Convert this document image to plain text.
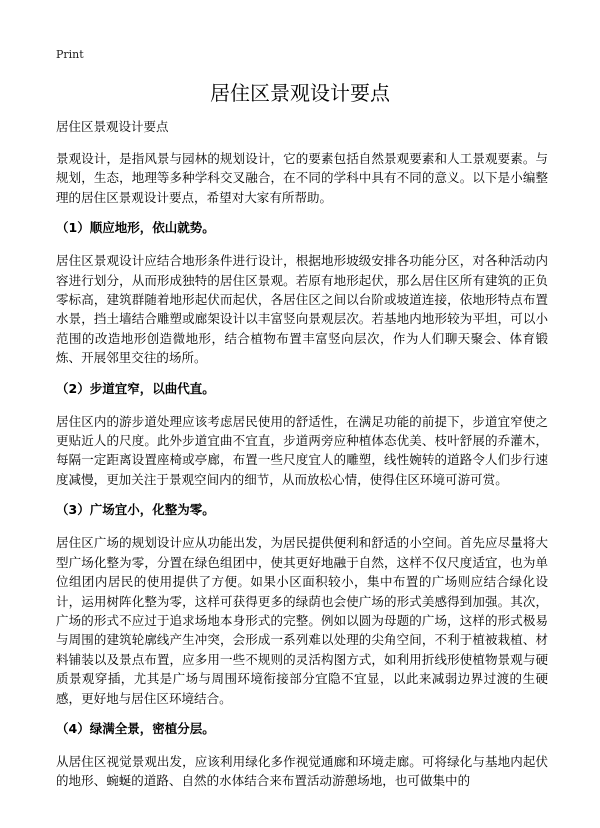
Print
居住区景观设计要点

居住区景观设计要点

景观设计，是指风景与园林的规划设计，它的要素包括自然景观要素和人工景观要素。与规划，生态，地理等多种学科交叉融合，在不同的学科中具有不同的意义。以下是小编整理的居住区景观设计要点，希望对大家有所帮助。

（1）顺应地形，依山就势。

居住区景观设计应结合地形条件进行设计，根据地形坡级安排各功能分区，对各种活动内容进行划分，从而形成独特的居住区景观。若原有地形起伏，那么居住区所有建筑的正负零标高，建筑群随着地形起伏而起伏，各居住区之间以台阶或坡道连接，依地形特点布置水景，挡土墙结合雕塑或廊架设计以丰富竖向景观层次。若基地内地形较为平坦，可以小范围的改造地形创造微地形，结合植物布置丰富竖向层次，作为人们聊天聚会、体育锻炼、开展邻里交往的场所。

（2）步道宜窄，以曲代直。

居住区内的游步道处理应该考虑居民使用的舒适性，在满足功能的前提下，步道宜窄使之更贴近人的尺度。此外步道宜曲不宜直，步道两旁应种植体态优美、枝叶舒展的乔灌木，每隔一定距离设置座椅或亭廊，布置一些尺度宜人的雕塑，线性婉转的道路令人们步行速度减慢，更加关注于景观空间内的细节，从而放松心情，使得住区环境可游可赏。

（3）广场宜小，化整为零。

居住区广场的规划设计应从功能出发，为居民提供便利和舒适的小空间。首先应尽量将大型广场化整为零，分置在绿色组团中，使其更好地融于自然，这样不仅尺度适宜，也为单位组团内居民的使用提供了方便。如果小区面积较小，集中布置的广场则应结合绿化设计，运用树阵化整为零，这样可获得更多的绿荫也会使广场的形式美感得到加强。其次，广场的形式不应过于追求场地本身形式的完整。例如以圆为母题的广场，这样的形式极易与周围的建筑轮廓线产生冲突，会形成一系列难以处理的尖角空间，不利于植被栽植、材料铺装以及景点布置，应多用一些不规则的灵活构图方式，如利用折线形使植物景观与硬质景观穿插，尤其是广场与周围环境衔接部分宜隐不宜显，以此来减弱边界过渡的生硬感，更好地与居住区环境结合。

（4）绿满全景，密植分层。

从居住区视觉景观出发，应该利用绿化多作视觉通廊和环境走廊。可将绿化与基地内起伏的地形、蜿蜒的道路、自然的水体结合来布置活动游憩场地，也可做集中的
